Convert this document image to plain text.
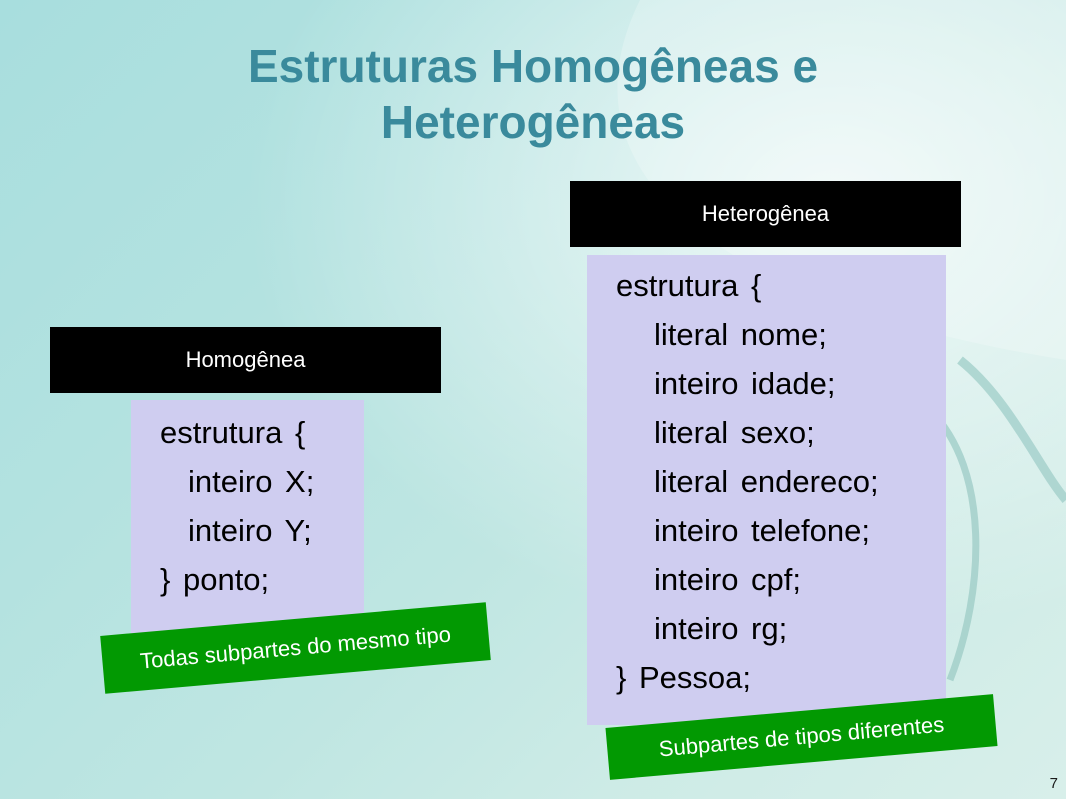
Estruturas Homogêneas e
Heterogêneas
Homogênea
estrutura {
inteiro X;
inteiro Y;
} ponto;
Todas subpartes do mesmo tipo
Heterogênea
estrutura {
literal nome;
inteiro idade;
literal sexo;
literal endereco;
inteiro telefone;
inteiro cpf;
inteiro rg;
} Pessoa;
Subpartes de tipos diferentes
7
